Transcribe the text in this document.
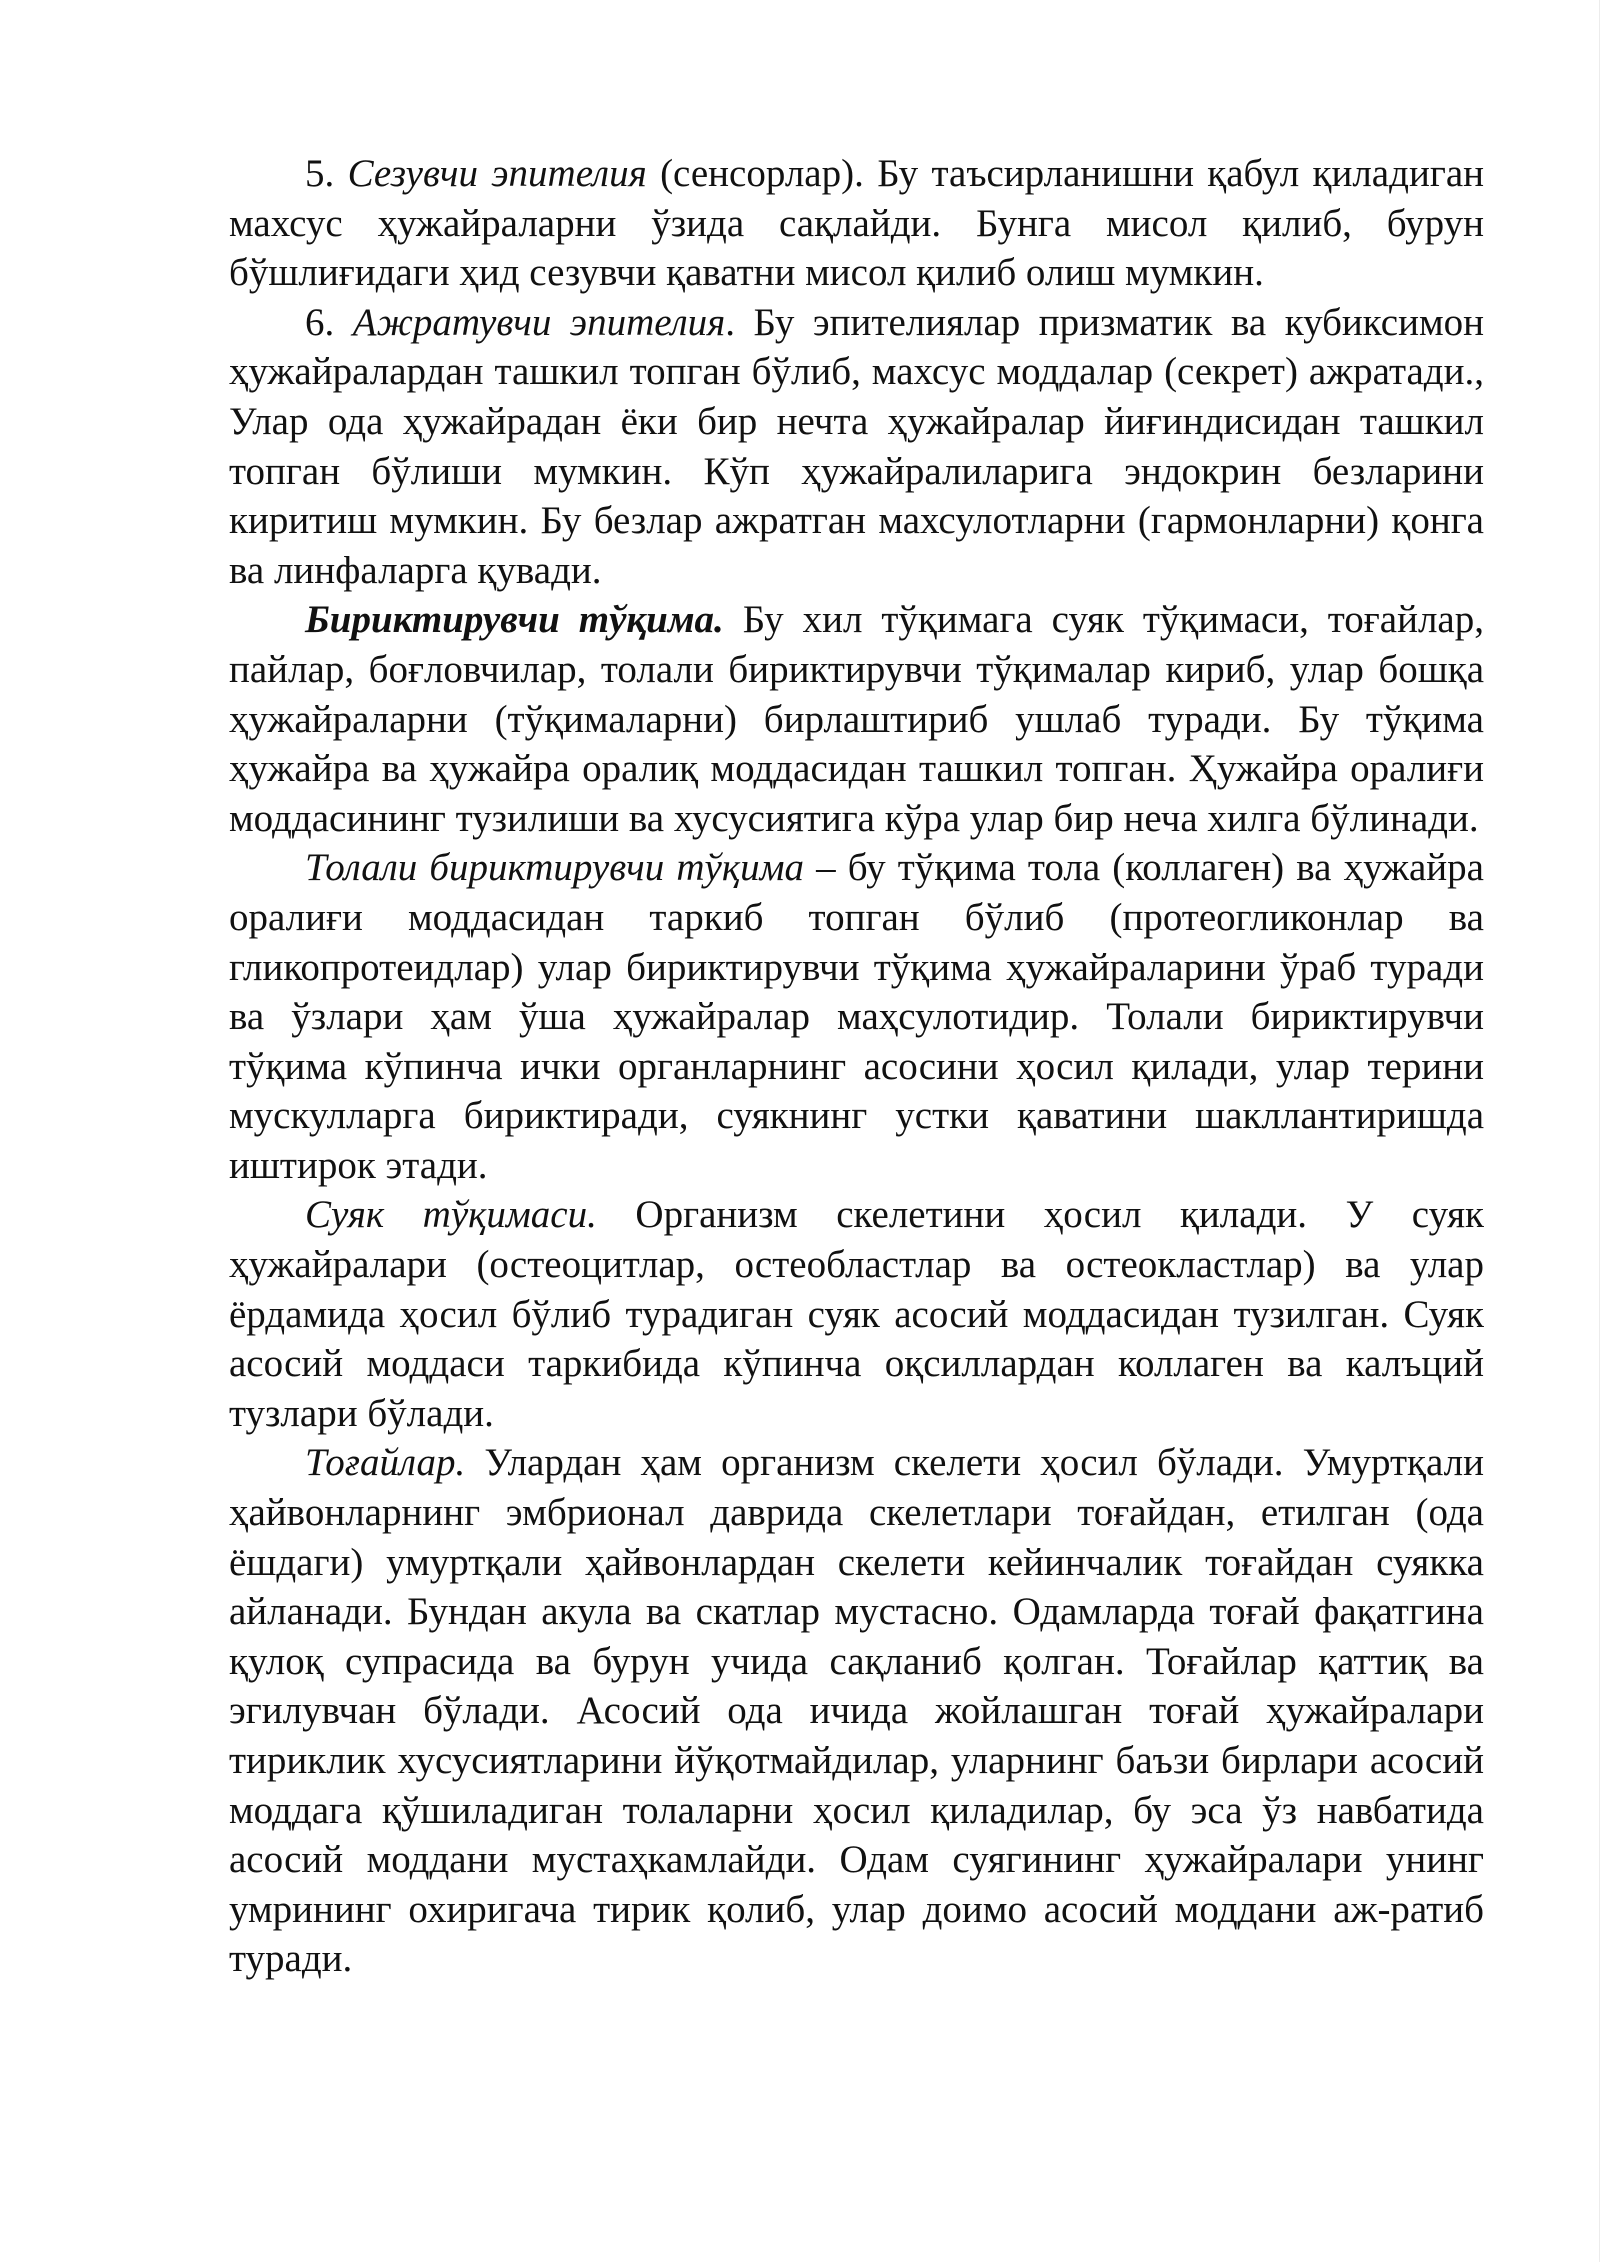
5. Сезувчи эпителия (сенсорлар). Бу таъсирланишни қабул қиладиган махсус ҳужайраларни ўзида сақлайди. Бунга мисол қилиб, бурун бўшлиғидаги ҳид сезувчи қаватни мисол қилиб олиш мумкин.

6. Ажратувчи эпителия. Бу эпителиялар призматик ва кубиксимон ҳужайралардан ташкил топган бўлиб, махсус моддалар (секрет) ажратади., Улар ода ҳужайрадан ёки бир нечта ҳужайралар йиғиндисидан ташкил топган бўлиши мумкин. Кўп ҳужайралиларига эндокрин безларини киритиш мумкин. Бу безлар ажратган махсулотларни (гармонларни) қонга ва линфаларга қувади.

Бириктирувчи тўқима. Бу хил тўқимага суяк тўқимаси, тоғайлар, пайлар, боғловчилар, толали бириктирувчи тўқималар кириб, улар бошқа ҳужайраларни (тўқималарни) бирлаштириб ушлаб туради. Бу тўқима ҳужайра ва ҳужайра оралиқ моддасидан ташкил топган. Ҳужайра оралиғи моддасининг тузилиши ва хусусиятига кўра улар бир неча хилга бўлинади.

Толали бириктирувчи тўқима – бу тўқима тола (коллаген) ва ҳужайра оралиғи моддасидан таркиб топган бўлиб (протеогликонлар ва гликопротеидлар) улар бириктирувчи тўқима ҳужайраларини ўраб туради ва ўзлари ҳам ўша ҳужайралар маҳсулотидир. Толали бириктирувчи тўқима кўпинча ички органларнинг асосини ҳосил қилади, улар терини мускулларга бириктиради, суякнинг устки қаватини шакллантиришда иштирок этади.

Суяк тўқимаси. Организм скелетини ҳосил қилади. У суяк ҳужайралари (остеоцитлар, остеобластлар ва остеокластлар) ва улар ёрдамида ҳосил бўлиб турадиган суяк асосий моддасидан тузилган. Суяк асосий моддаси таркибида кўпинча оқсиллардан коллаген ва калъций тузлари бўлади.

Тоғайлар. Улардан ҳам организм скелети ҳосил бўлади. Умуртқали ҳайвонларнинг эмбрионал даврида скелетлари тоғайдан, етилган (ода ёшдаги) умуртқали ҳайвонлардан скелети кейинчалик тоғайдан суякка айланади. Бундан акула ва скатлар мустасно. Одамларда тоғай фақатгина қулоқ супрасида ва бурун учида сақланиб қолган. Тоғайлар қаттиқ ва эгилувчан бўлади. Асосий ода ичида жойлашган тоғай ҳужайралари тириклик хусусиятларини йўқотмайдилар, уларнинг баъзи бирлари асосий моддага қўшиладиган толаларни ҳосил қиладилар, бу эса ўз навбатида асосий моддани мустаҳкамлайди. Одам суягининг ҳужайралари унинг умрининг охиригача тирик қолиб, улар доимо асосий моддани аж-ратиб туради.
